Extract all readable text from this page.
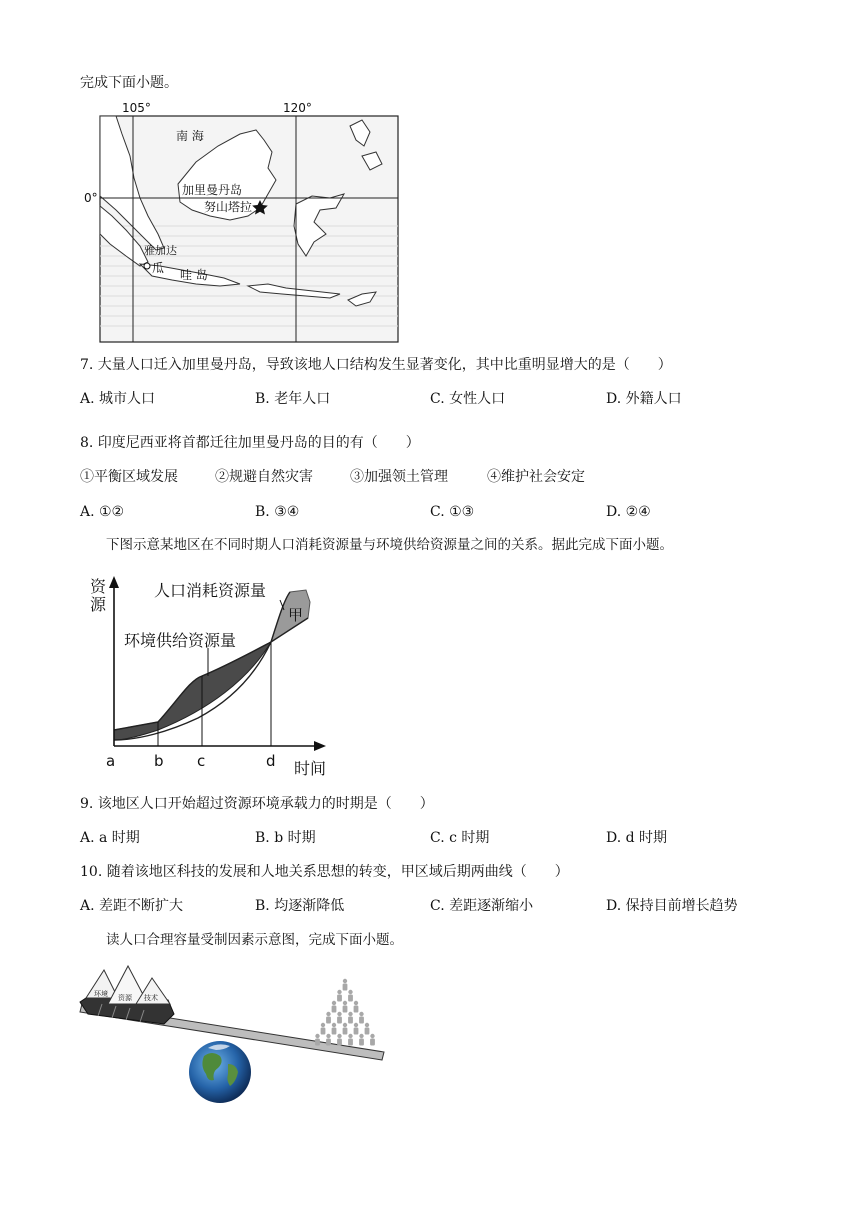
完成下面小题。
105°	120°
0°
南 海
加里曼丹岛
努山塔拉
雅加达
瓜 哇 岛
7. 大量人口迁入加里曼丹岛，导致该地人口结构发生显著变化，其中比重明显增大的是（　　）
A. 城市人口	B. 老年人口	C. 女性人口	D. 外籍人口
8. 印度尼西亚将首都迁往加里曼丹岛的目的有（　　）
①平衡区域发展	②规避自然灾害	③加强领土管理	④维护社会安定
A. ①②	B. ③④	C. ①③	D. ②④
下图示意某地区在不同时期人口消耗资源量与环境供给资源量之间的关系。据此完成下面小题。
资
源
人口消耗资源量
环境供给资源量
甲
a	b c	d 时间
9. 该地区人口开始超过资源环境承载力的时期是（　　）
A. a 时期	B. b 时期	C. c 时期	D. d 时期
10. 随着该地区科技的发展和人地关系思想的转变，甲区域后期两曲线（　　）
A. 差距不断扩大	B. 均逐渐降低	C. 差距逐渐缩小	D. 保持目前增长趋势
读人口合理容量受制因素示意图，完成下面小题。
环境 资源 技术
